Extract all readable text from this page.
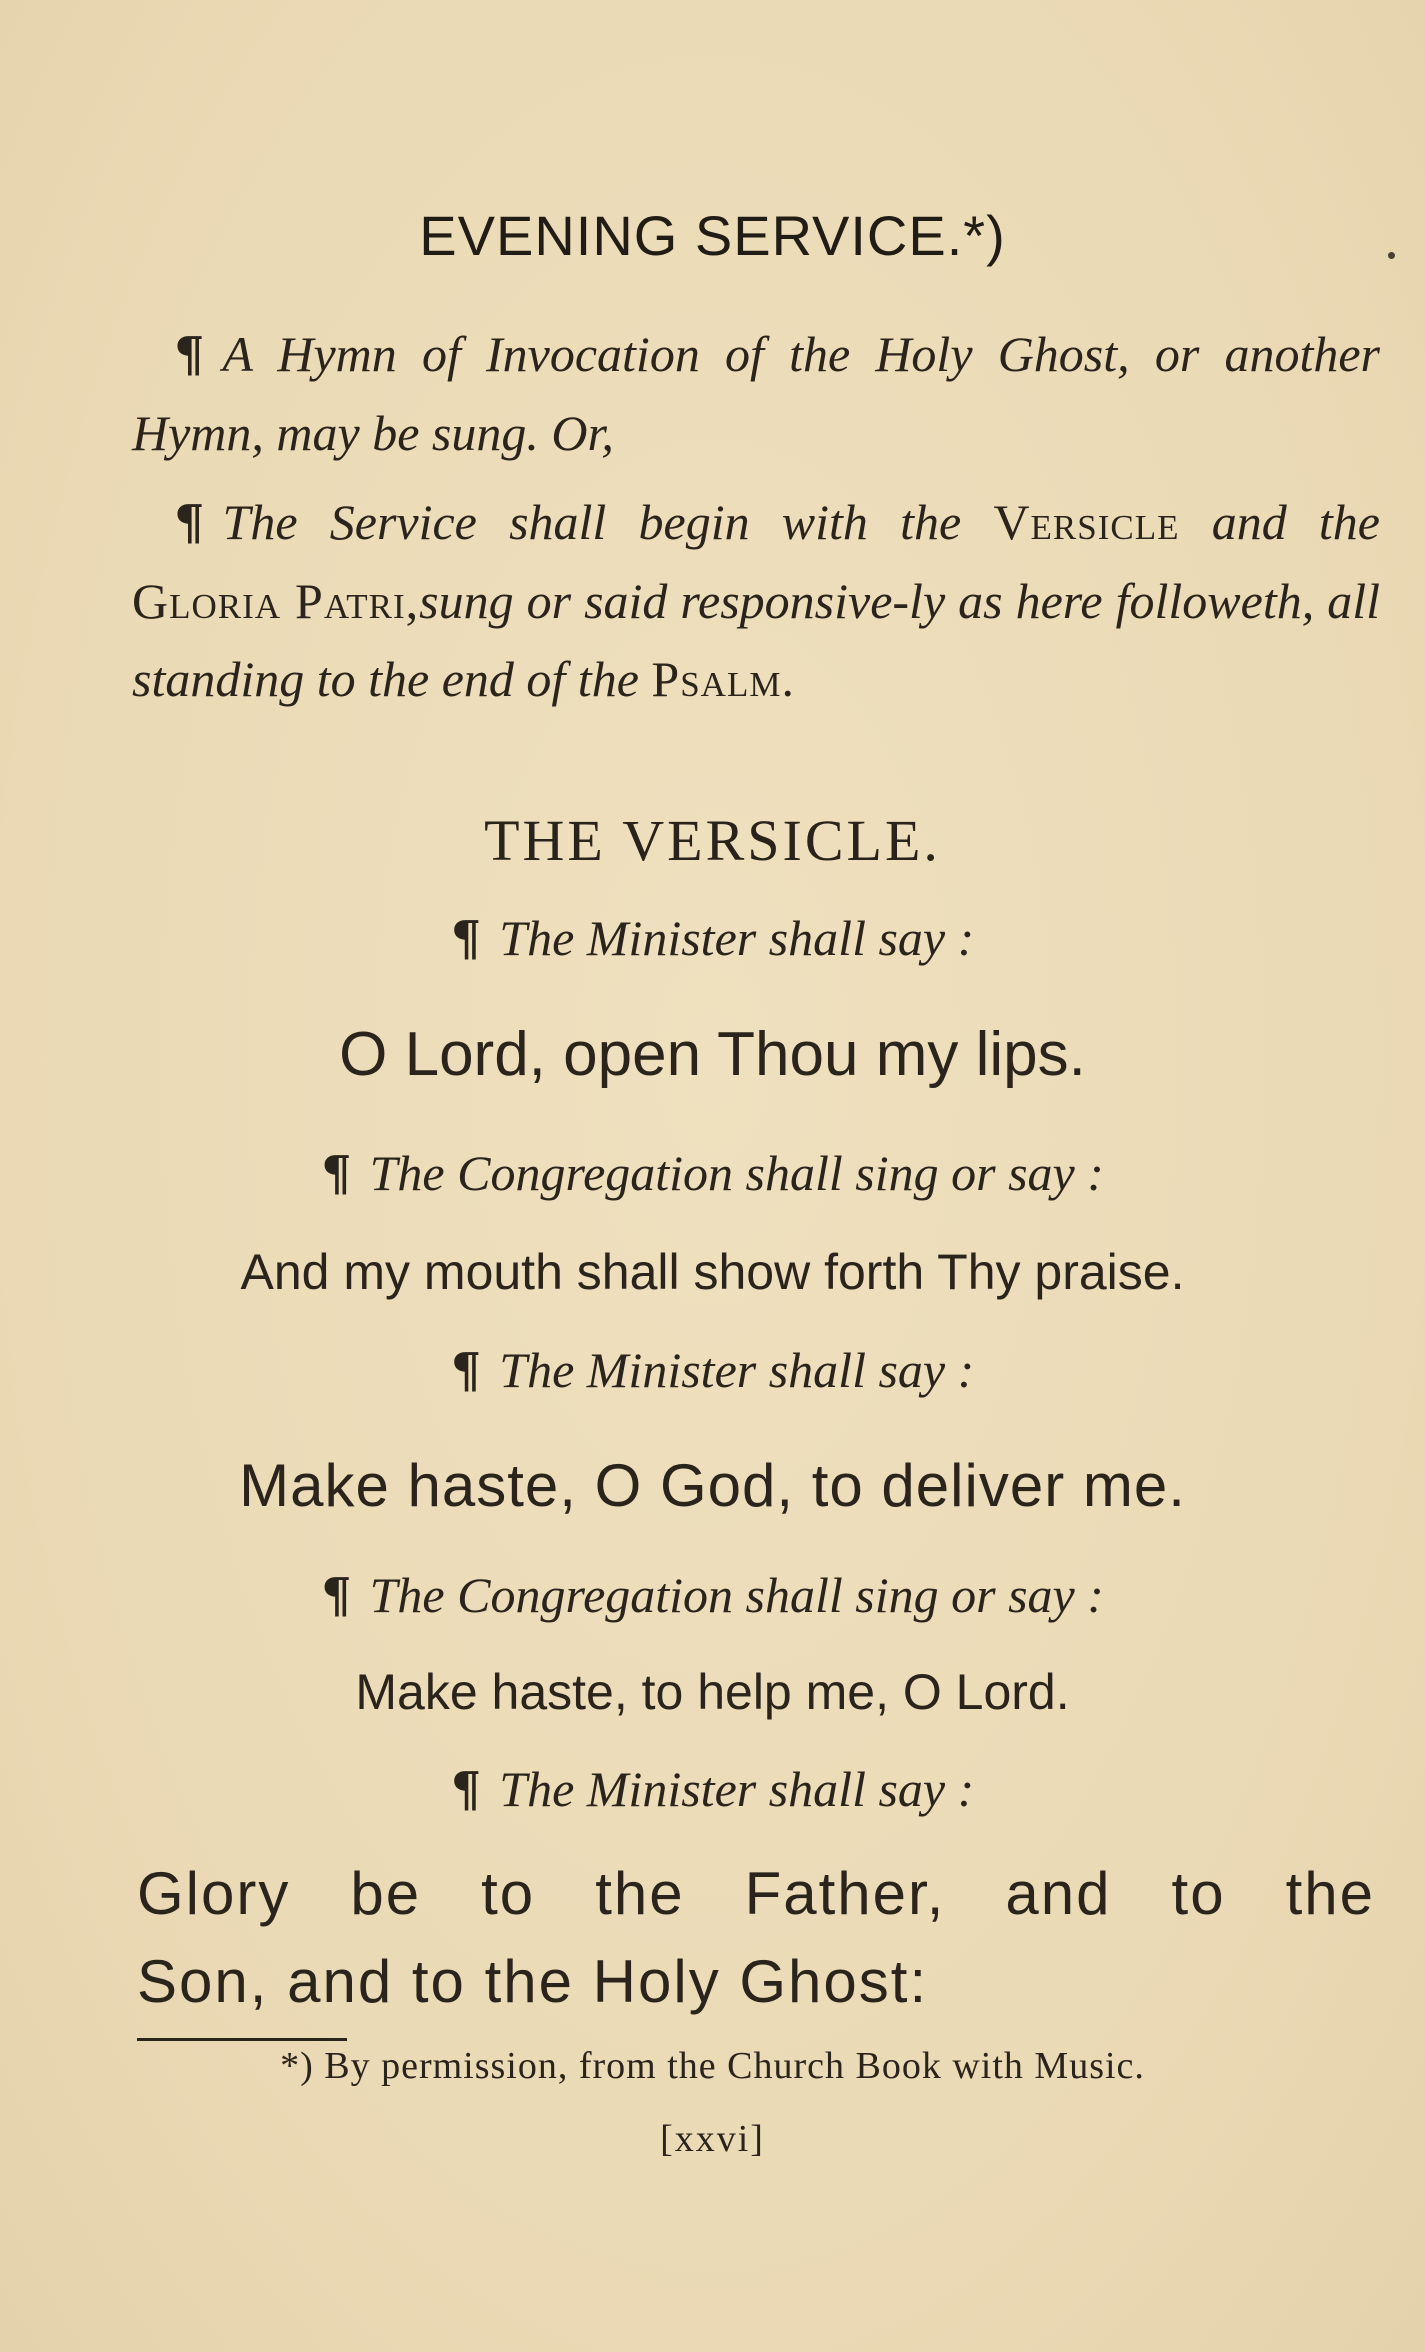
EVENING SERVICE.*)
¶ A Hymn of Invocation of the Holy Ghost, or another Hymn, may be sung. Or,
¶ The Service shall begin with the Versicle and the Gloria Patri,sung or said responsive-ly as here followeth, all standing to the end of the Psalm.
THE VERSICLE.
¶ The Minister shall say :
O Lord, open Thou my lips.
¶ The Congregation shall sing or say :
And my mouth shall show forth Thy praise.
¶ The Minister shall say :
Make haste, O God, to deliver me.
¶ The Congregation shall sing or say :
Make haste, to help me, O Lord.
¶ The Minister shall say :
Glory be to the Father, and to the
Son, and to the Holy Ghost:
*) By permission, from the Church Book with Music.
[xxvi]
